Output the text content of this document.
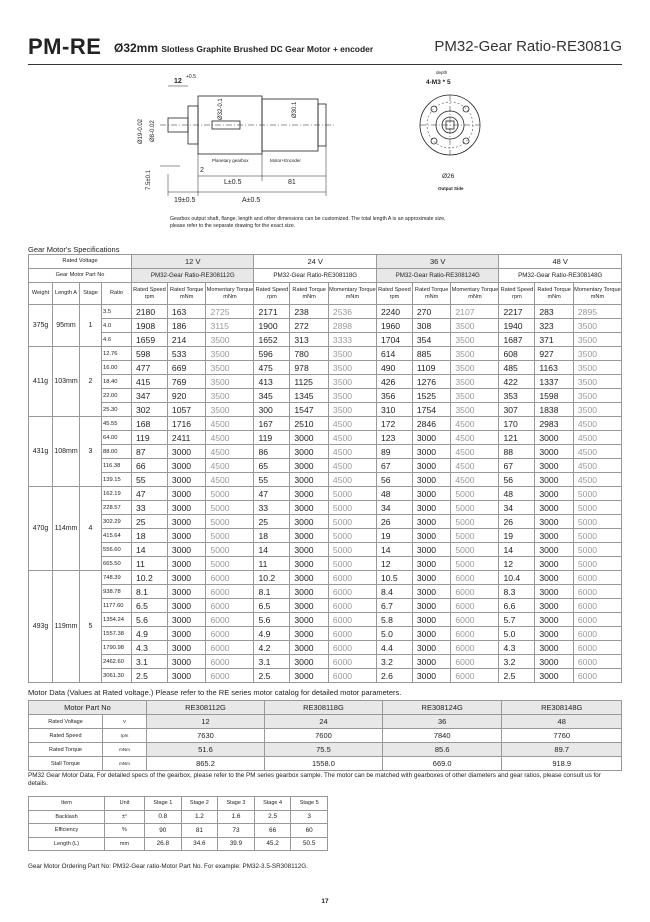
PM-RE Ø32mm Slotless Graphite Brushed DC Gear Motor + encoder	PM32-Gear Ratio-RE3081G
12
+0.5
Ø19-0.02 Ø8-0.02
Ø32-0.1	Ø30.1
Planetary gearbox	Motor+Encoder
7.5±0.1	2
L±0.5	81
19±0.5	A±0.5
depth
4-M3 * 5
Ø26
Output Side
Gearbox output shaft, flange, length and other dimensions can be customized. The total length A is an approximate size, please refer to the separate drawing for the exact size.
Gear Motor's Specifications
Rated Voltage				12 V			24 V			36 V			48 V		
Gear Motor Part No				PM32-Gear Ratio-RE308112G			PM32-Gear Ratio-RE308118G			PM32-Gear Ratio-RE308124G			PM32-Gear Ratio-RE308148G		
Weight	Length A	Stage	Ratio	Rated Speed rpm	Rated Torque mNm	Momentary Torque mNm	Rated Speed rpm	Rated Torque mNm	Momentary Torque mNm	Rated Speed rpm	Rated Torque mNm	Momentary Torque mNm	Rated Speed rpm	Rated Torque mNm	Momentary Torque mNm
375g	95mm	1	3.5	2180	163	2725	2171	238	2536	2240	270	2107	2217	283	2895
			4.0	1908	186	3115	1900	272	2898	1960	308	3500	1940	323	3500
			4.6	1659	214	3500	1652	313	3333	1704	354	3500	1687	371	3500
411g	103mm	2	12.76	598	533	3500	596	780	3500	614	885	3500	608	927	3500
			16.00	477	669	3500	475	978	3500	490	1109	3500	485	1163	3500
			18.40	415	769	3500	413	1125	3500	426	1276	3500	422	1337	3500
			22.00	347	920	3500	345	1345	3500	356	1525	3500	353	1598	3500
			25.30	302	1057	3500	300	1547	3500	310	1754	3500	307	1838	3500
431g	108mm	3	45.55	168	1716	4500	167	2510	4500	172	2846	4500	170	2983	4500
			64.00	119	2411	4500	119	3000	4500	123	3000	4500	121	3000	4500
			88.00	87	3000	4500	86	3000	4500	89	3000	4500	88	3000	4500
			116.38	66	3000	4500	65	3000	4500	67	3000	4500	67	3000	4500
			139.15	55	3000	4500	55	3000	4500	56	3000	4500	56	3000	4500
470g	114mm	4	162.19	47	3000	5000	47	3000	5000	48	3000	5000	48	3000	5000
			228.57	33	3000	5000	33	3000	5000	34	3000	5000	34	3000	5000
			302.29	25	3000	5000	25	3000	5000	26	3000	5000	26	3000	5000
			415.64	18	3000	5000	18	3000	5000	19	3000	5000	19	3000	5000
			556.60	14	3000	5000	14	3000	5000	14	3000	5000	14	3000	5000
			665.50	11	3000	5000	11	3000	5000	12	3000	5000	12	3000	5000
493g	119mm	5	748.39	10.2	3000	6000	10.2	3000	6000	10.5	3000	6000	10.4	3000	6000
			938.78	8.1	3000	6000	8.1	3000	6000	8.4	3000	6000	8.3	3000	6000
			1177.60	6.5	3000	6000	6.5	3000	6000	6.7	3000	6000	6.6	3000	6000
			1354.24	5.6	3000	6000	5.6	3000	6000	5.8	3000	6000	5.7	3000	6000
			1557.38	4.9	3000	6000	4.9	3000	6000	5.0	3000	6000	5.0	3000	6000
			1790.98	4.3	3000	6000	4.2	3000	6000	4.4	3000	6000	4.3	3000	6000
			2462.60	3.1	3000	6000	3.1	3000	6000	3.2	3000	6000	3.2	3000	6000
			3061.30	2.5	3000	6000	2.5	3000	6000	2.6	3000	6000	2.5	3000	6000
Motor Data (Values at Rated voltage.) Please refer to the RE series motor catalog for detailed motor parameters.
Motor Part No		RE308112G	RE308118G	RE308124G	RE308148G
Rated Voltage	V	12	24	36	48
Rated Speed	rpm	7630	7600	7840	7760
Rated Torque	mNm	51.6	75.5	85.6	89.7
Stall Torque	mNm	865.2	1558.0	669.0	918.9
PM32 Gear Motor Data, For detailed specs of the gearbox, please refer to the PM series gearbox sample. The motor can be matched with gearboxes of other diameters and gear ratios, please consult us for details.
Item	Unit	Stage 1	Stage 2	Stage 3	Stage 4	Stage 5
Backlash	±°	0.8	1.2	1.6	2.5	3
Efficiency	%	90	81	73	66	60
Length (L)	mm	26.8	34.6	39.9	45.2	50.5
Gear Motor Ordering Part No: PM32-Gear ratio-Motor Part No. For example: PM32-3.5-SR308112G.
17
